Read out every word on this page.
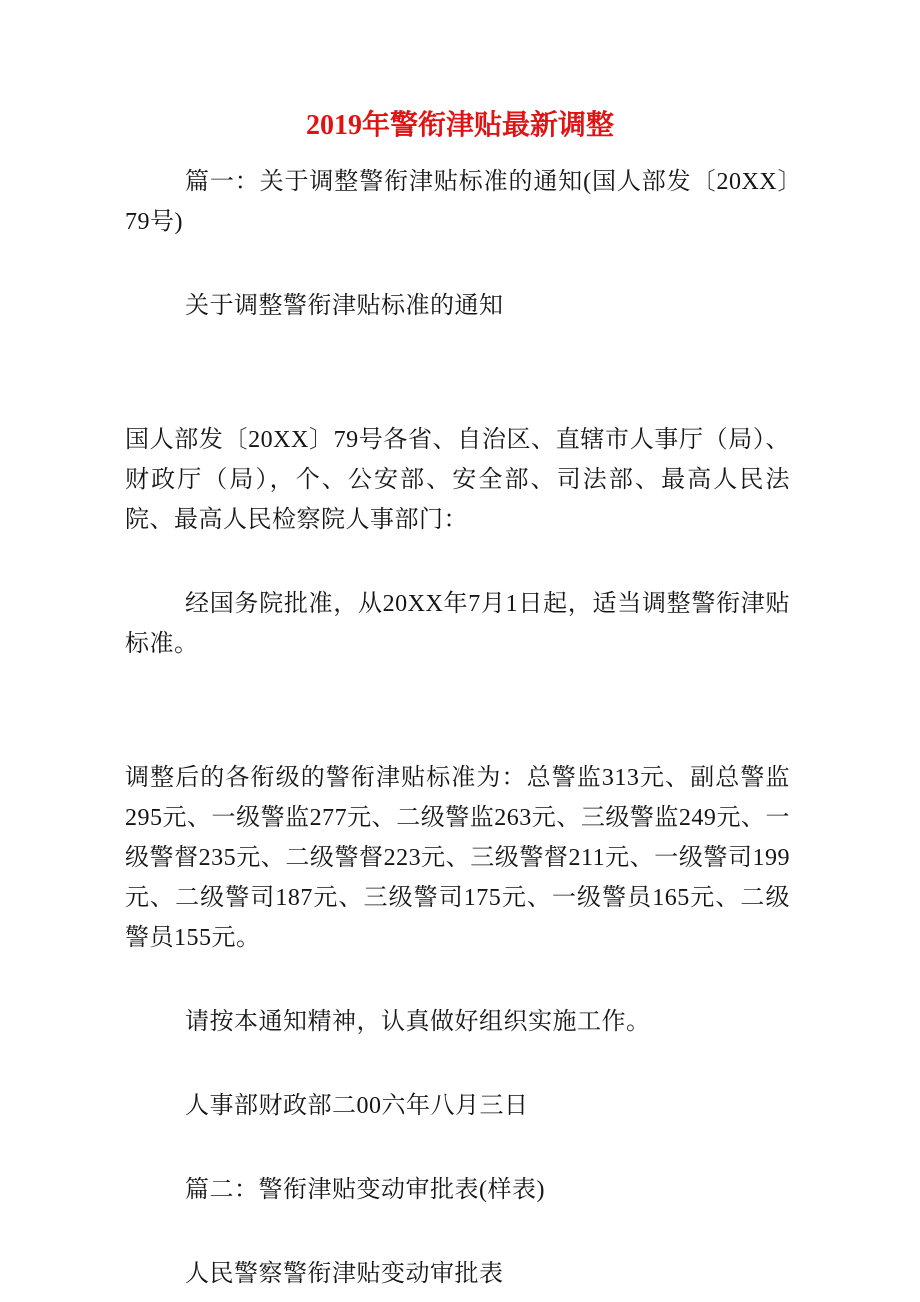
2019年警衔津贴最新调整

篇一：关于调整警衔津贴标准的通知(国人部发〔20XX〕79号)

关于调整警衔津贴标准的通知

国人部发〔20XX〕79号各省、自治区、直辖市人事厅（局）、财政厅（局），个、公安部、安全部、司法部、最高人民法院、最高人民检察院人事部门：

经国务院批准，从20XX年7月1日起，适当调整警衔津贴标准。

调整后的各衔级的警衔津贴标准为：总警监313元、副总警监295元、一级警监277元、二级警监263元、三级警监249元、一级警督235元、二级警督223元、三级警督211元、一级警司199元、二级警司187元、三级警司175元、一级警员165元、二级警员155元。

请按本通知精神，认真做好组织实施工作。

人事部财政部二00六年八月三日

篇二：警衔津贴变动审批表(样表)

人民警察警衔津贴变动审批表
